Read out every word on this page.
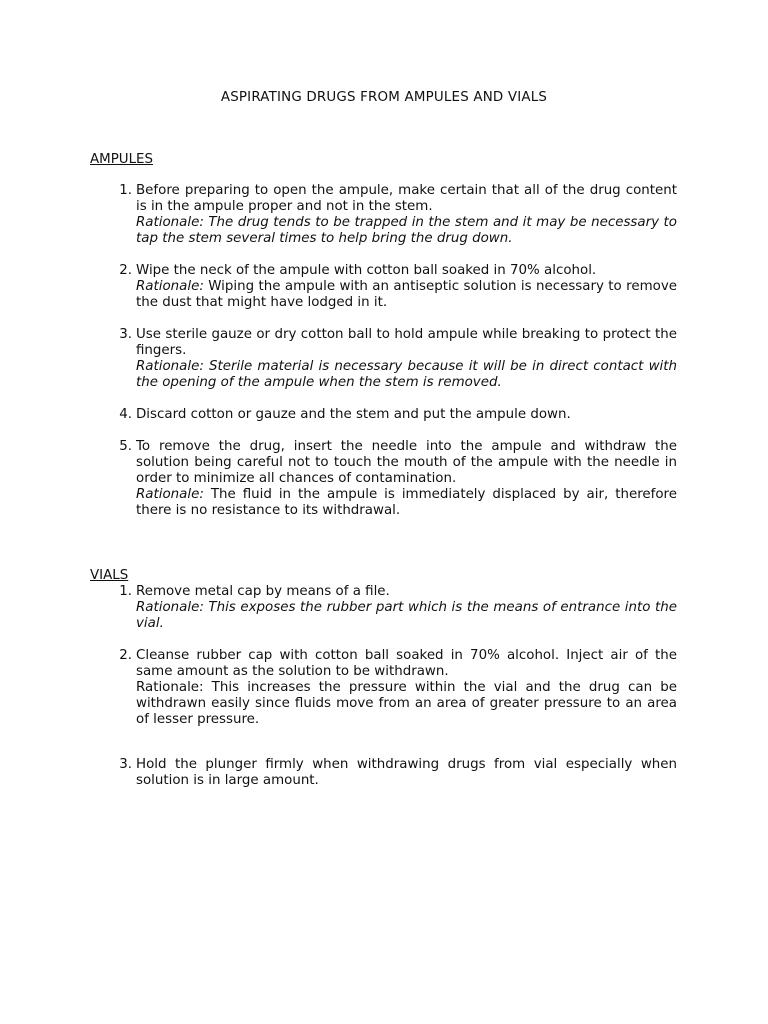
ASPIRATING DRUGS FROM AMPULES AND VIALS
AMPULES
1. Before preparing to open the ampule, make certain that all of the drug content is in the ampule proper and not in the stem.

Rationale: The drug tends to be trapped in the stem and it may be necessary to tap the stem several times to help bring the drug down.

2. Wipe the neck of the ampule with cotton ball soaked in 70% alcohol.

Rationale: Wiping the ampule with an antiseptic solution is necessary to remove the dust that might have lodged in it.

3. Use sterile gauze or dry cotton ball to hold ampule while breaking to protect the fingers.

Rationale: Sterile material is necessary because it will be in direct contact with the opening of the ampule when the stem is removed.

4. Discard cotton or gauze and the stem and put the ampule down.

5. To remove the drug, insert the needle into the ampule and withdraw the solution being careful not to touch the mouth of the ampule with the needle in order to minimize all chances of contamination.

Rationale: The fluid in the ampule is immediately displaced by air, therefore there is no resistance to its withdrawal.

VIALS
1. Remove metal cap by means of a file.

Rationale: This exposes the rubber part which is the means of entrance into the vial.

2. Cleanse rubber cap with cotton ball soaked in 70% alcohol. Inject air of the same amount as the solution to be withdrawn.

Rationale: This increases the pressure within the vial and the drug can be withdrawn easily since fluids move from an area of greater pressure to an area of lesser pressure.

3. Hold the plunger firmly when withdrawing drugs from vial especially when solution is in large amount.
